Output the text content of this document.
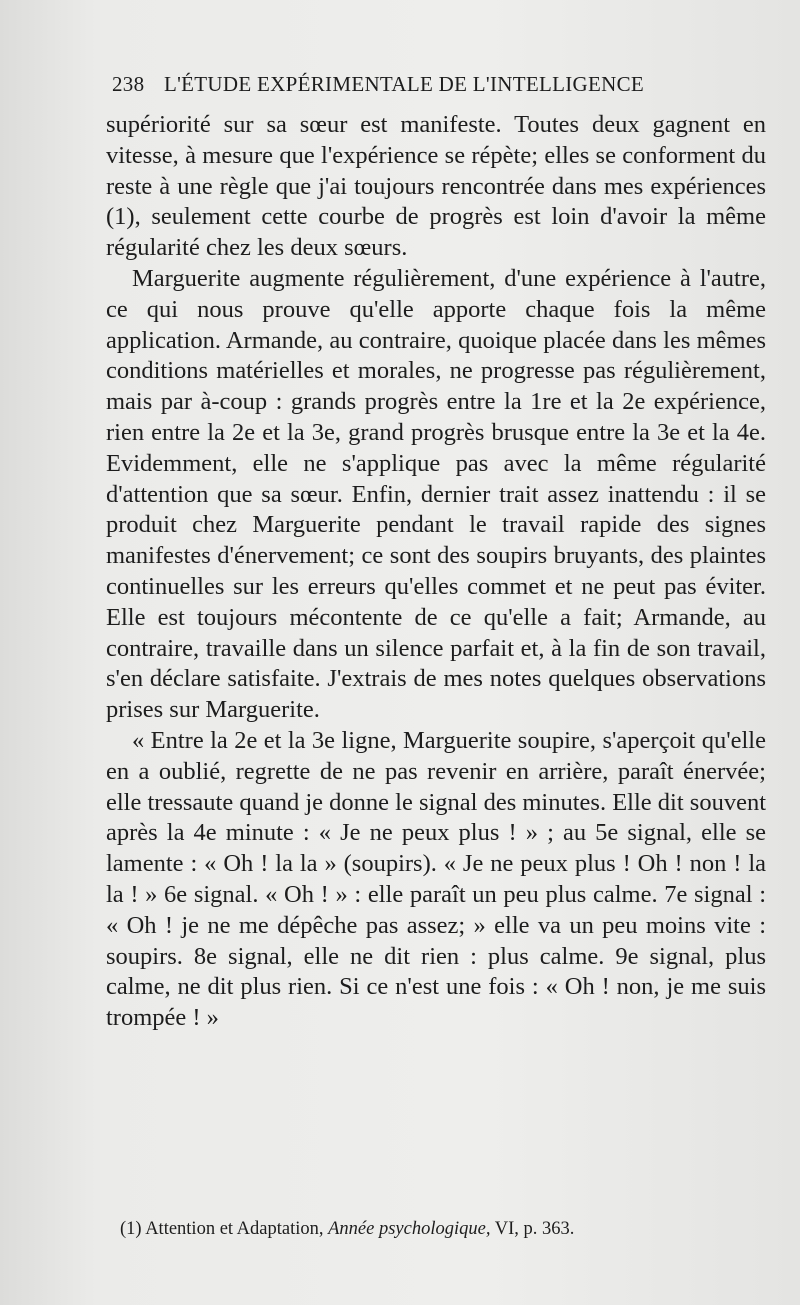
238 L'ÉTUDE EXPÉRIMENTALE DE L'INTELLIGENCE

supériorité sur sa sœur est manifeste. Toutes deux gagnent en vitesse, à mesure que l'expérience se répète; elles se conforment du reste à une règle que j'ai toujours rencontrée dans mes expériences (1), seulement cette courbe de progrès est loin d'avoir la même régularité chez les deux sœurs.

Marguerite augmente régulièrement, d'une expérience à l'autre, ce qui nous prouve qu'elle apporte chaque fois la même application. Armande, au contraire, quoique placée dans les mêmes conditions matérielles et morales, ne progresse pas régulièrement, mais par à-coup : grands progrès entre la 1re et la 2e expérience, rien entre la 2e et la 3e, grand progrès brusque entre la 3e et la 4e. Evidemment, elle ne s'applique pas avec la même régularité d'attention que sa sœur. Enfin, dernier trait assez inattendu : il se produit chez Marguerite pendant le travail rapide des signes manifestes d'énervement; ce sont des soupirs bruyants, des plaintes continuelles sur les erreurs qu'elles commet et ne peut pas éviter. Elle est toujours mécontente de ce qu'elle a fait; Armande, au contraire, travaille dans un silence parfait et, à la fin de son travail, s'en déclare satisfaite. J'extrais de mes notes quelques observations prises sur Marguerite.

« Entre la 2e et la 3e ligne, Marguerite soupire, s'aperçoit qu'elle en a oublié, regrette de ne pas revenir en arrière, paraît énervée; elle tressaute quand je donne le signal des minutes. Elle dit souvent après la 4e minute : « Je ne peux plus ! » ; au 5e signal, elle se lamente : « Oh ! la la » (soupirs). « Je ne peux plus ! Oh ! non ! la la ! » 6e signal. « Oh ! » : elle paraît un peu plus calme. 7e signal : « Oh ! je ne me dépêche pas assez; » elle va un peu moins vite : soupirs. 8e signal, elle ne dit rien : plus calme. 9e signal, plus calme, ne dit plus rien. Si ce n'est une fois : « Oh ! non, je me suis trompée ! »

(1) Attention et Adaptation, Année psychologique, VI, p. 363.
